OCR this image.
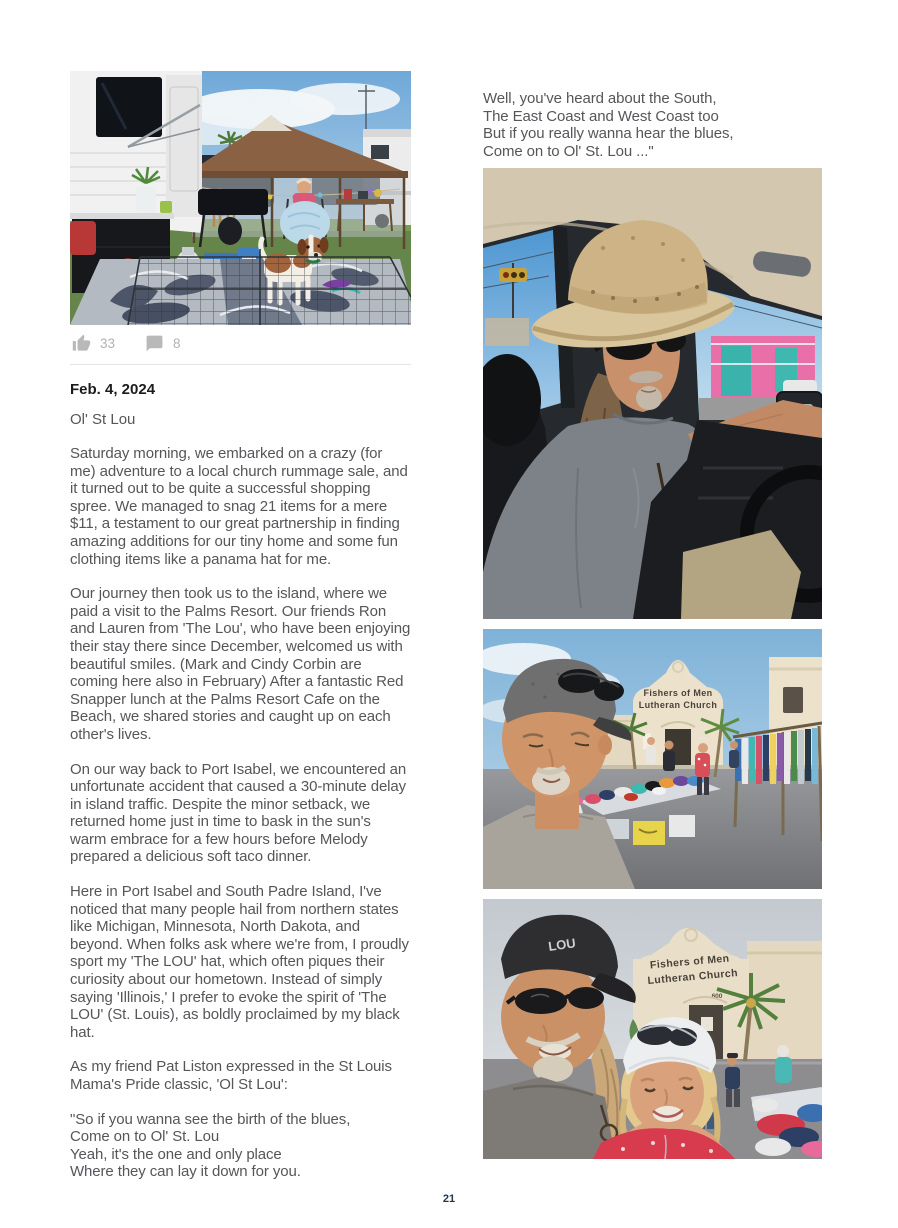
33	8
Feb. 4, 2024
Ol' St Lou

Saturday morning, we embarked on a crazy (for me) adventure to a local church rummage sale, and it turned out to be quite a successful shopping spree. We managed to snag 21 items for a mere $11, a testament to our great partnership in finding amazing additions for our tiny home and some fun clothing items like a panama hat for me.

Our journey then took us to the island, where we paid a visit to the Palms Resort. Our friends Ron and Lauren from 'The Lou', who have been enjoying their stay there since December, welcomed us with beautiful smiles. (Mark and Cindy Corbin are coming here also in February) After a fantastic Red Snapper lunch at the Palms Resort Cafe on the Beach, we shared stories and caught up on each other's lives.

On our way back to Port Isabel, we encountered an unfortunate accident that caused a 30-minute delay in island traffic. Despite the minor setback, we returned home just in time to bask in the sun's warm embrace for a few hours before Melody prepared a delicious soft taco dinner.

Here in Port Isabel and South Padre Island, I've noticed that many people hail from northern states like Michigan, Minnesota, North Dakota, and beyond. When folks ask where we're from, I proudly sport my 'The LOU' hat, which often piques their curiosity about our hometown. Instead of simply saying 'Illinois,' I prefer to evoke the spirit of 'The LOU' (St. Louis), as boldly proclaimed by my black hat.

As my friend Pat Liston expressed in the St Louis Mama's Pride classic, 'Ol St Lou':

"So if you wanna see the birth of the blues,
Come on to Ol' St. Lou
Yeah, it's the one and only place
Where they can lay it down for you.
Well, you've heard about the South,
The East Coast and West Coast too
But if you really wanna hear the blues,
Come on to Ol' St. Lou ..."
Fishers of Men
Lutheran Church
Fishers of Men
Lutheran Church
600
LOU
21
